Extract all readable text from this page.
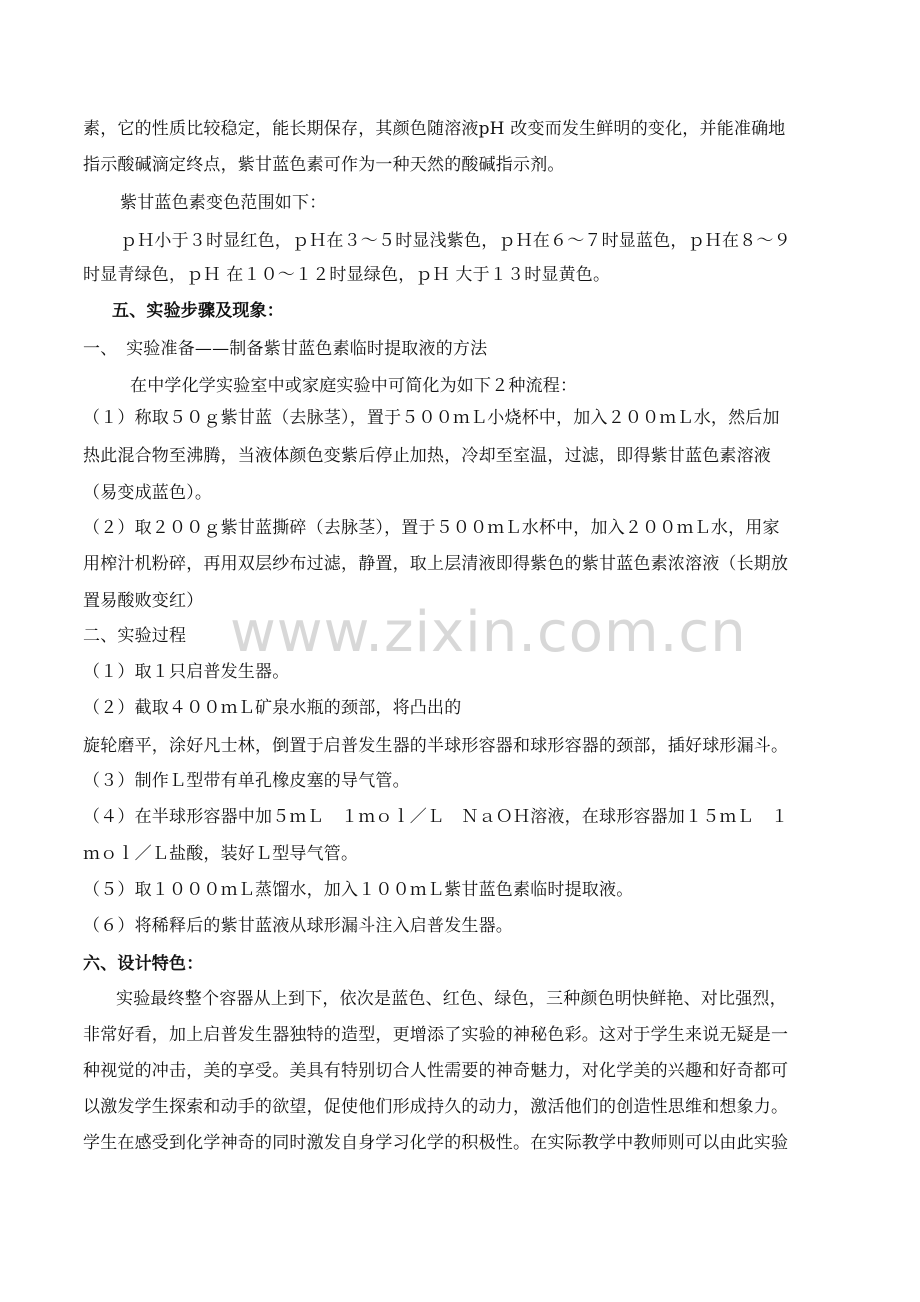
www.zixin.com.cn
素，它的性质比较稳定，能长期保存，其颜色随溶液pH 改变而发生鲜明的变化，并能准确地
指示酸碱滴定终点，紫甘蓝色素可作为一种天然的酸碱指示剂。
紫甘蓝色素变色范围如下：
ｐＨ小于３时显红色，ｐＨ在３～５时显浅紫色，ｐＨ在６～７时显蓝色，ｐＨ在８～９
时显青绿色，ｐＨ 在１０～１２时显绿色，ｐＨ 大于１３时显黄色。
五、实验步骤及现象：
一、　实验准备——制备紫甘蓝色素临时提取液的方法
在中学化学实验室中或家庭实验中可简化为如下２种流程：
（１）称取５０ｇ紫甘蓝（去脉茎），置于５００ｍＬ小烧杯中，加入２００ｍＬ水，然后加
热此混合物至沸腾，当液体颜色变紫后停止加热，冷却至室温，过滤，即得紫甘蓝色素溶液
（易变成蓝色）。
（２）取２００ｇ紫甘蓝撕碎（去脉茎），置于５００ｍＬ水杯中，加入２００ｍＬ水，用家
用榨汁机粉碎，再用双层纱布过滤，静置，取上层清液即得紫色的紫甘蓝色素浓溶液（长期放
置易酸败变红）
二、实验过程
（１）取１只启普发生器。
（２）截取４００ｍＬ矿泉水瓶的颈部，将凸出的
旋轮磨平，涂好凡士林，倒置于启普发生器的半球形容器和球形容器的颈部，插好球形漏斗。
（３）制作Ｌ型带有单孔橡皮塞的导气管。
（４）在半球形容器中加５ｍＬ　１ｍｏｌ／Ｌ　ＮａＯＨ溶液，在球形容器加１５ｍＬ　１
ｍｏｌ／Ｌ盐酸，装好Ｌ型导气管。
（５）取１０００ｍＬ蒸馏水，加入１００ｍＬ紫甘蓝色素临时提取液。
（６）将稀释后的紫甘蓝液从球形漏斗注入启普发生器。
六、设计特色：
实验最终整个容器从上到下，依次是蓝色、红色、绿色，三种颜色明快鲜艳、对比强烈，
非常好看，加上启普发生器独特的造型，更增添了实验的神秘色彩。这对于学生来说无疑是一
种视觉的冲击，美的享受。美具有特别切合人性需要的神奇魅力，对化学美的兴趣和好奇都可
以激发学生探索和动手的欲望，促使他们形成持久的动力，激活他们的创造性思维和想象力。
学生在感受到化学神奇的同时激发自身学习化学的积极性。在实际教学中教师则可以由此实验
